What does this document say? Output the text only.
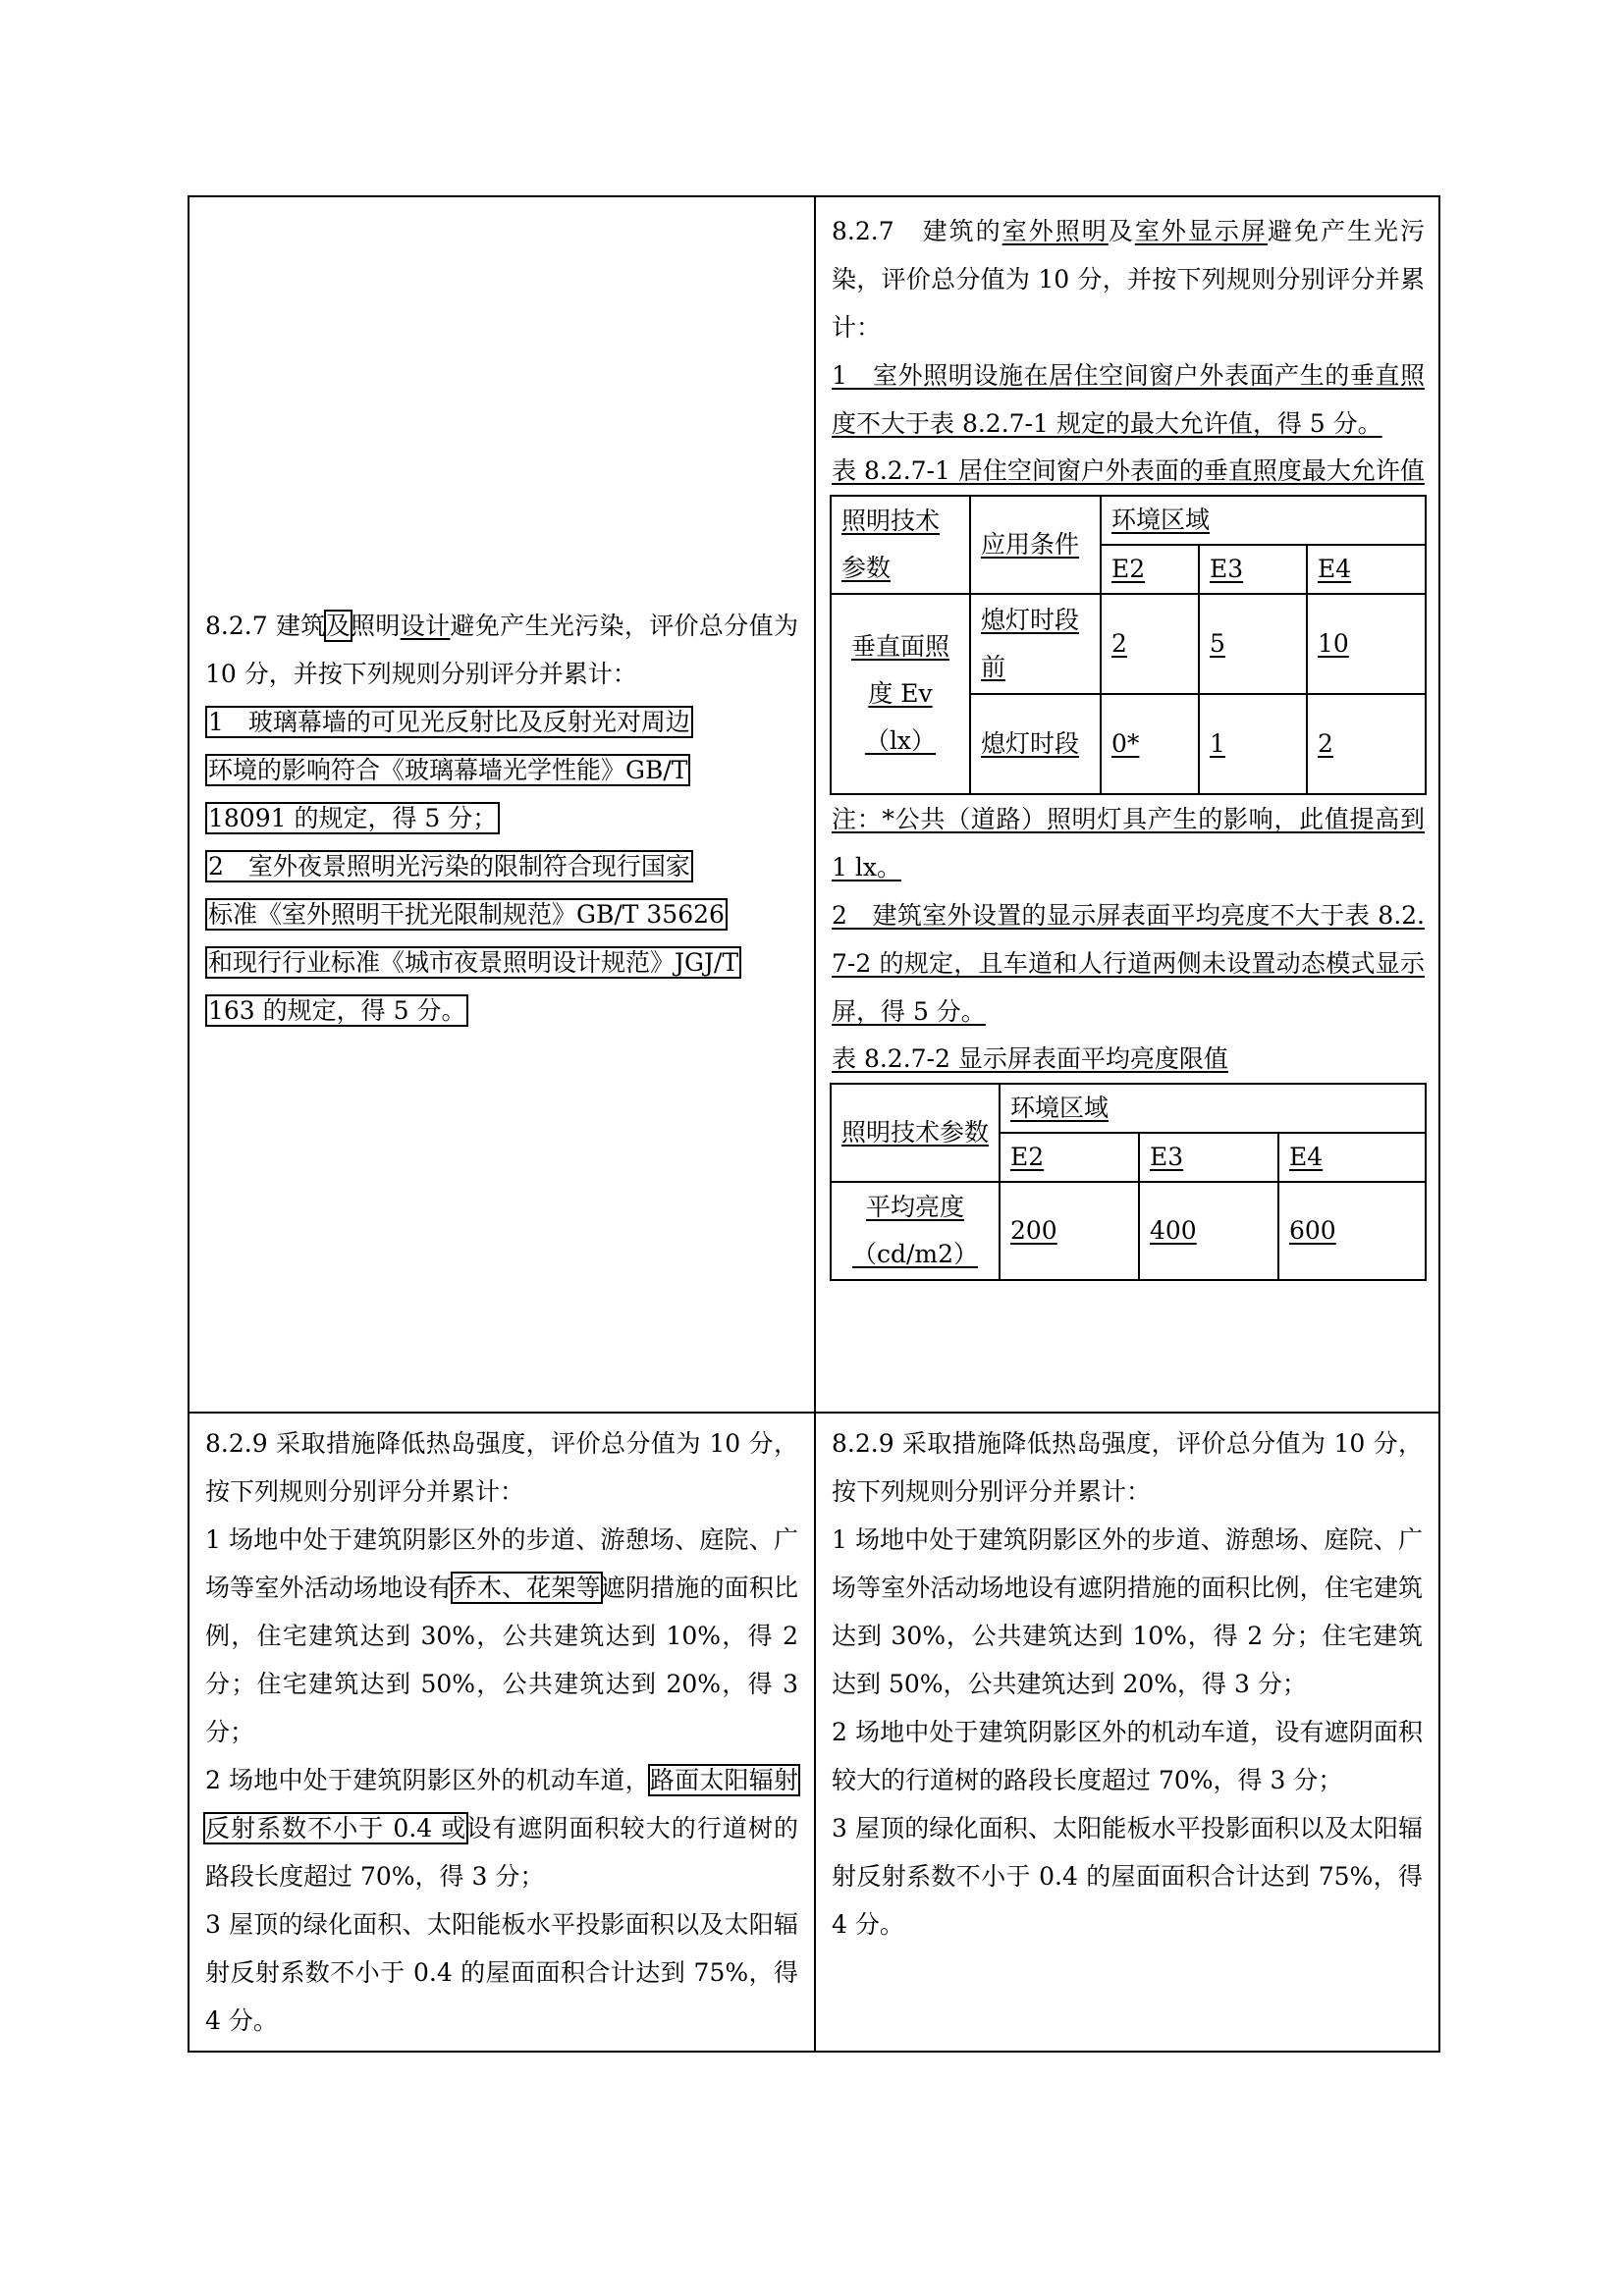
8.2.7 建筑及照明设计避免产生光污染，评价总分值为 10 分，并按下列规则分别评分并累计：

1　玻璃幕墙的可见光反射比及反射光对周边
环境的影响符合《玻璃幕墙光学性能》GB/T
18091 的规定，得 5 分；
2　室外夜景照明光污染的限制符合现行国家
标准《室外照明干扰光限制规范》GB/T 35626
和现行行业标准《城市夜景照明设计规范》JGJ/T
163 的规定，得 5 分。

8.2.7　建筑的室外照明及室外显示屏避免产生光污染，评价总分值为 10 分，并按下列规则分别评分并累计：

1　室外照明设施在居住空间窗户外表面产生的垂直照度不大于表 8.2.7-1 规定的最大允许值，得 5 分。

表 8.2.7-1 居住空间窗户外表面的垂直照度最大允许值

照明技术参数	应用条件	环境区域
E2	E3	E4
垂直面照度 Ev（lx）	熄灯时段前	2	5	10
熄灯时段	0*	1	2

注：*公共（道路）照明灯具产生的影响，此值提高到 1 lx。

2　建筑室外设置的显示屏表面平均亮度不大于表 8.2.7-2 的规定，且车道和人行道两侧未设置动态模式显示屏，得 5 分。

表 8.2.7-2 显示屏表面平均亮度限值

照明技术参数	环境区域
E2	E3	E4
平均亮度（cd/m2）	200	400	600

8.2.9 采取措施降低热岛强度，评价总分值为 10 分，按下列规则分别评分并累计：

1 场地中处于建筑阴影区外的步道、游憩场、庭院、广场等室外活动场地设有乔木、花架等遮阴措施的面积比例，住宅建筑达到 30%，公共建筑达到 10%，得 2 分；住宅建筑达到 50%，公共建筑达到 20%，得 3 分；

2 场地中处于建筑阴影区外的机动车道，路面太阳辐射反射系数不小于 0.4 或设有遮阴面积较大的行道树的路段长度超过 70%，得 3 分；

3 屋顶的绿化面积、太阳能板水平投影面积以及太阳辐射反射系数不小于 0.4 的屋面面积合计达到 75%，得 4 分。

8.2.9 采取措施降低热岛强度，评价总分值为 10 分，按下列规则分别评分并累计：

1 场地中处于建筑阴影区外的步道、游憩场、庭院、广场等室外活动场地设有遮阴措施的面积比例，住宅建筑达到 30%，公共建筑达到 10%，得 2 分；住宅建筑达到 50%，公共建筑达到 20%，得 3 分；

2 场地中处于建筑阴影区外的机动车道，设有遮阴面积较大的行道树的路段长度超过 70%，得 3 分；

3 屋顶的绿化面积、太阳能板水平投影面积以及太阳辐射反射系数不小于 0.4 的屋面面积合计达到 75%，得 4 分。
